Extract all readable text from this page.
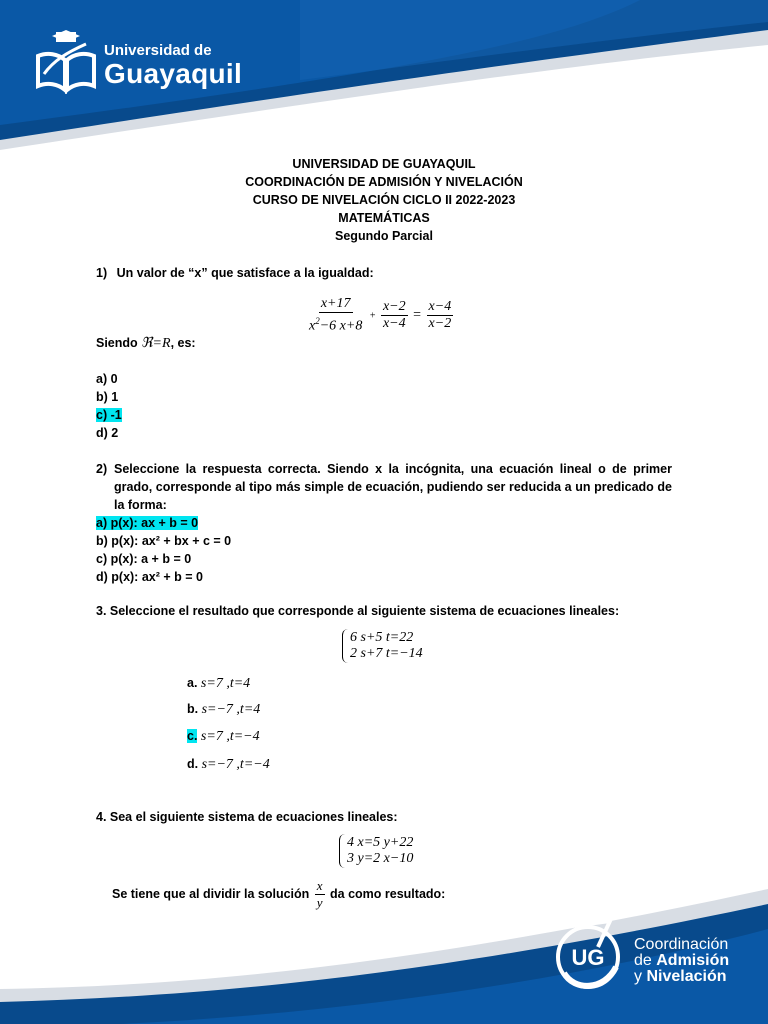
Universidad de
Guayaquil
UNIVERSIDAD DE GUAYAQUIL
COORDINACIÓN DE ADMISIÓN Y NIVELACIÓN
CURSO DE NIVELACIÓN CICLO II 2022-2023
MATEMÁTICAS
Segundo Parcial
1) Un valor de “x” que satisface a la igualdad:
$\frac{x+17}{x^2-6 x+8} + \frac{x-2}{x-4} = \frac{x-4}{x-2}$
Siendo ℜ=R, es:
a) 0
b) 1
c) -1
d) 2
2) Seleccione la respuesta correcta. Siendo x la incógnita, una ecuación lineal o de primer grado, corresponde al tipo más simple de ecuación, pudiendo ser reducida a un predicado de la forma:
a) p(x): ax + b = 0
b) p(x): ax² + bx + c = 0
c) p(x): a + b = 0
d) p(x): ax² + b = 0
3. Seleccione el resultado que corresponde al siguiente sistema de ecuaciones lineales:
6 s+5 t=22
2 s+7 t=−14
a. s=7 ,t=4
b. s=−7 ,t=4
c. s=7 ,t=−4
d. s=−7 ,t=−4
4. Sea el siguiente sistema de ecuaciones lineales:
4 x=5 y+22
3 y=2 x−10
Se tiene que al dividir la solución $\frac{x}{y}$ da como resultado:
UG
Coordinación
de Admisión
y Nivelación
